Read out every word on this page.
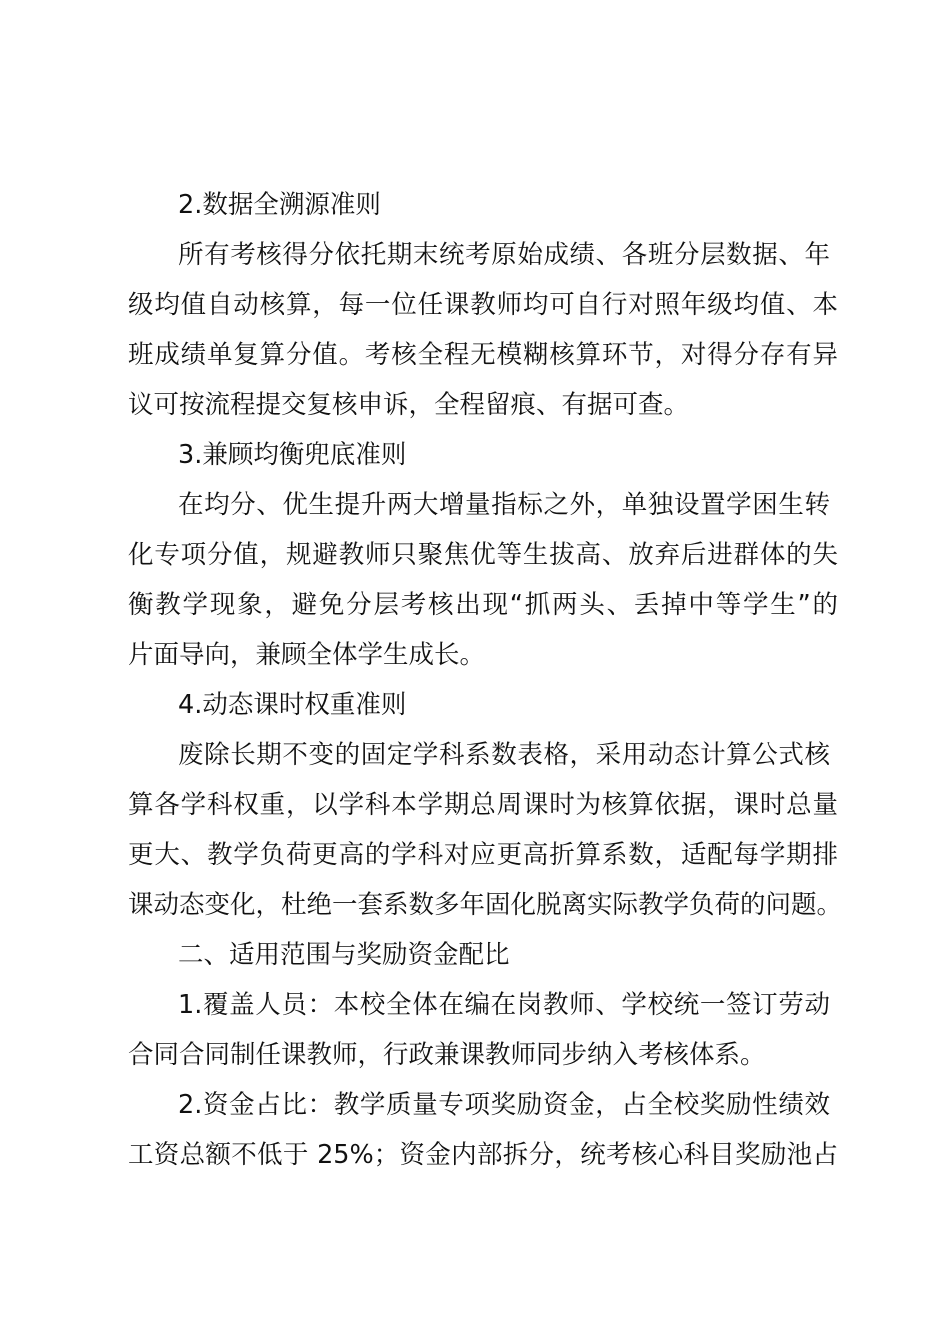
2.数据全溯源准则
所有考核得分依托期末统考原始成绩、各班分层数据、年
级均值自动核算，每一位任课教师均可自行对照年级均值、本
班成绩单复算分值。考核全程无模糊核算环节，对得分存有异
议可按流程提交复核申诉，全程留痕、有据可查。
3.兼顾均衡兜底准则
在均分、优生提升两大增量指标之外，单独设置学困生转
化专项分值，规避教师只聚焦优等生拔高、放弃后进群体的失
衡教学现象，避免分层考核出现“抓两头、丢掉中等学生”的
片面导向，兼顾全体学生成长。
4.动态课时权重准则
废除长期不变的固定学科系数表格，采用动态计算公式核
算各学科权重，以学科本学期总周课时为核算依据，课时总量
更大、教学负荷更高的学科对应更高折算系数，适配每学期排
课动态变化，杜绝一套系数多年固化脱离实际教学负荷的问题。
二、适用范围与奖励资金配比
1.覆盖人员：本校全体在编在岗教师、学校统一签订劳动
合同合同制任课教师，行政兼课教师同步纳入考核体系。
2.资金占比：教学质量专项奖励资金，占全校奖励性绩效
工资总额不低于 25%；资金内部拆分，统考核心科目奖励池占
